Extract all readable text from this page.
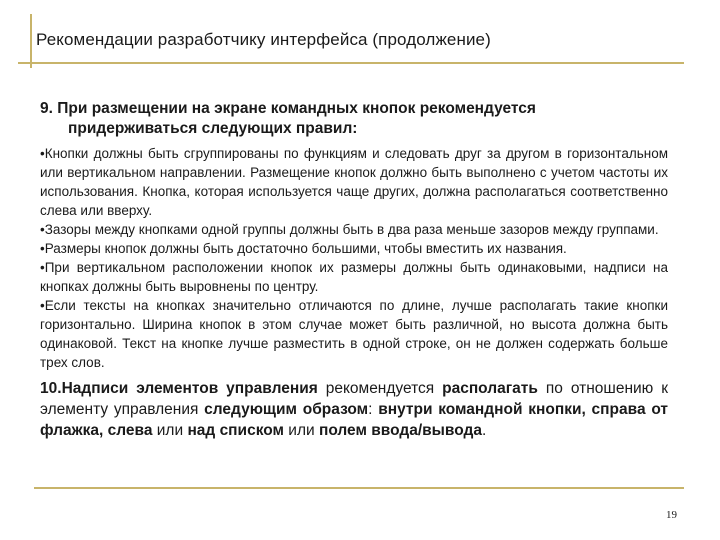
Рекомендации разработчику интерфейса (продолжение)
9. При размещении на экране командных кнопок рекомендуется
придерживаться следующих правил:

•Кнопки должны быть сгруппированы по функциям и следовать друг за другом в горизонтальном или вертикальном направлении. Размещение кнопок должно быть выполнено с учетом частоты их использования. Кнопка, которая используется чаще других, должна располагаться соответственно слева или вверху.

•Зазоры между кнопками одной группы должны быть в два раза меньше зазоров между группами.

•Размеры кнопок должны быть достаточно большими, чтобы вместить их названия.

•При вертикальном расположении кнопок их размеры должны быть одинаковыми, надписи на кнопках должны быть выровнены по центру.

•Если тексты на кнопках значительно отличаются по длине, лучше располагать такие кнопки горизонтально. Ширина кнопок в этом случае может быть различной, но высота должна быть одинаковой. Текст на кнопке лучше разместить в одной строке, он не должен содержать больше трех слов.

10.Надписи элементов управления рекомендуется располагать по отношению к элементу управления следующим образом: внутри командной кнопки, справа от флажка, слева или над списком или полем ввода/вывода.
19
